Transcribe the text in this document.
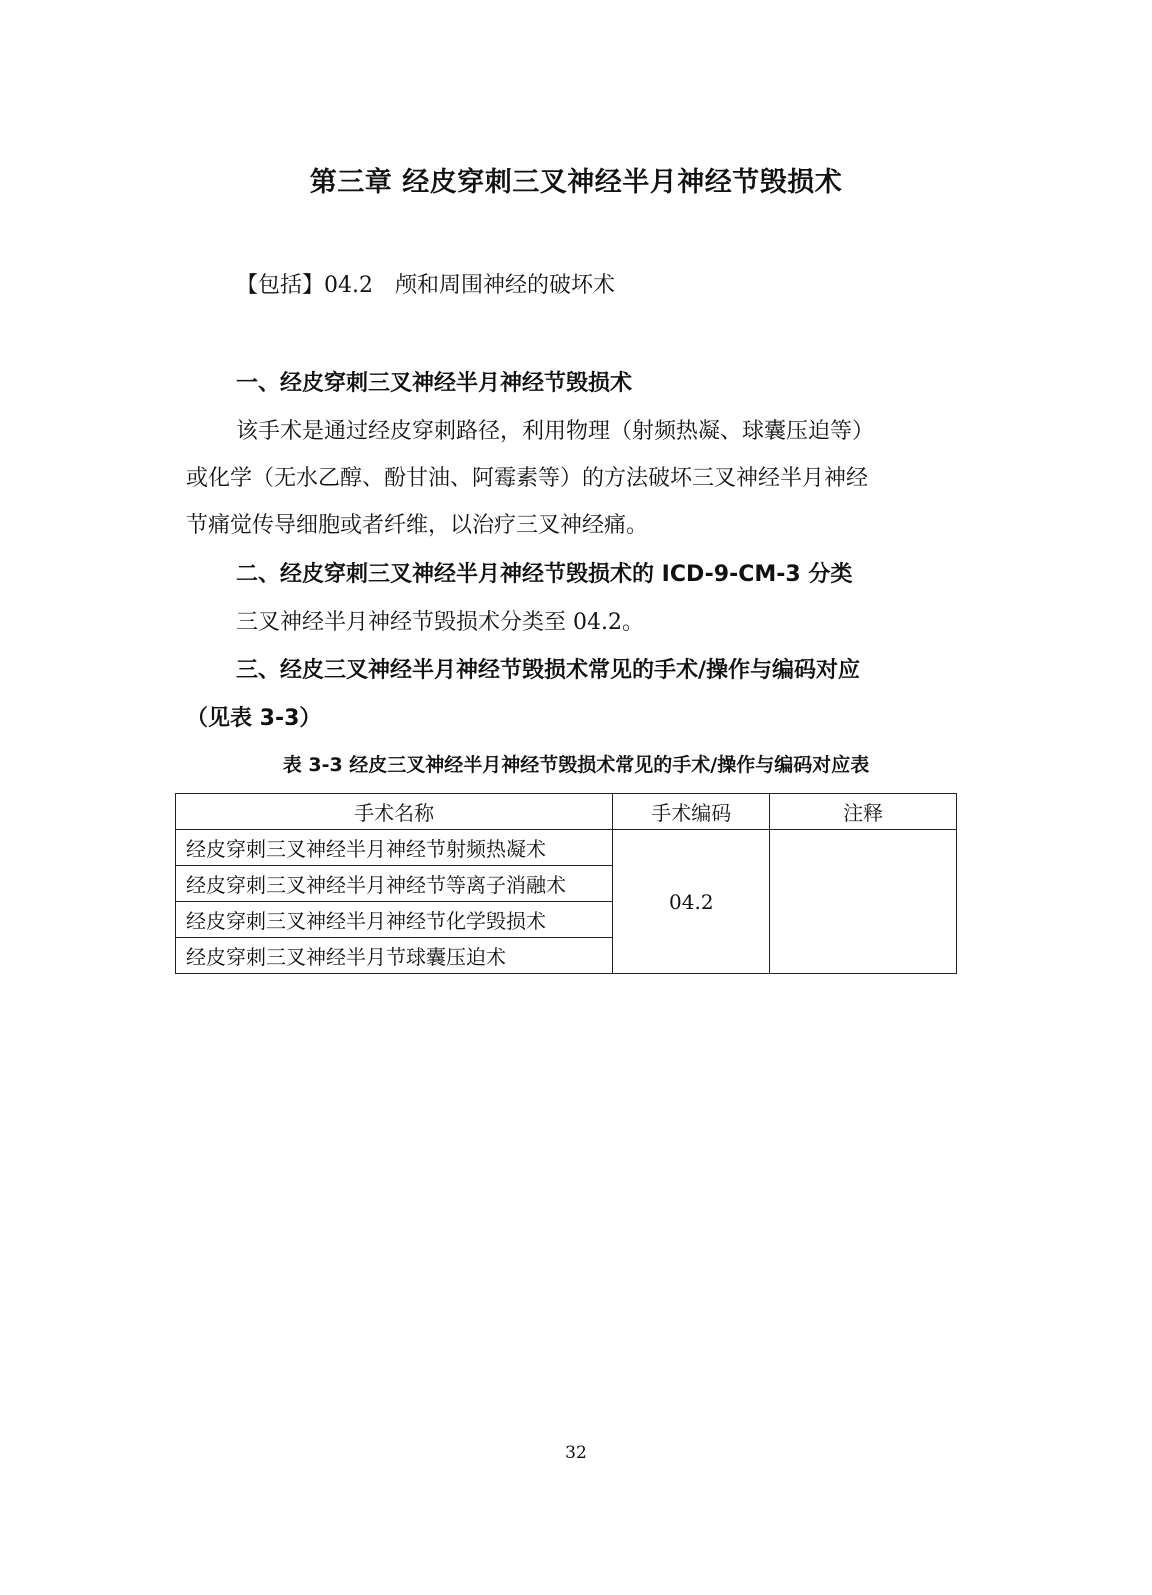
第三章 经皮穿刺三叉神经半月神经节毁损术
【包括】04.2 颅和周围神经的破坏术
一、经皮穿刺三叉神经半月神经节毁损术
该手术是通过经皮穿刺路径，利用物理（射频热凝、球囊压迫等）
或化学（无水乙醇、酚甘油、阿霉素等）的方法破坏三叉神经半月神经
节痛觉传导细胞或者纤维，以治疗三叉神经痛。
二、经皮穿刺三叉神经半月神经节毁损术的 ICD-9-CM-3 分类
三叉神经半月神经节毁损术分类至 04.2。
三、经皮三叉神经半月神经节毁损术常见的手术/操作与编码对应
（见表 3-3）
表 3-3 经皮三叉神经半月神经节毁损术常见的手术/操作与编码对应表
手术名称	手术编码	注释
经皮穿刺三叉神经半月神经节射频热凝术	04.2	
经皮穿刺三叉神经半月神经节等离子消融术		
经皮穿刺三叉神经半月神经节化学毁损术		
经皮穿刺三叉神经半月节球囊压迫术		
32
